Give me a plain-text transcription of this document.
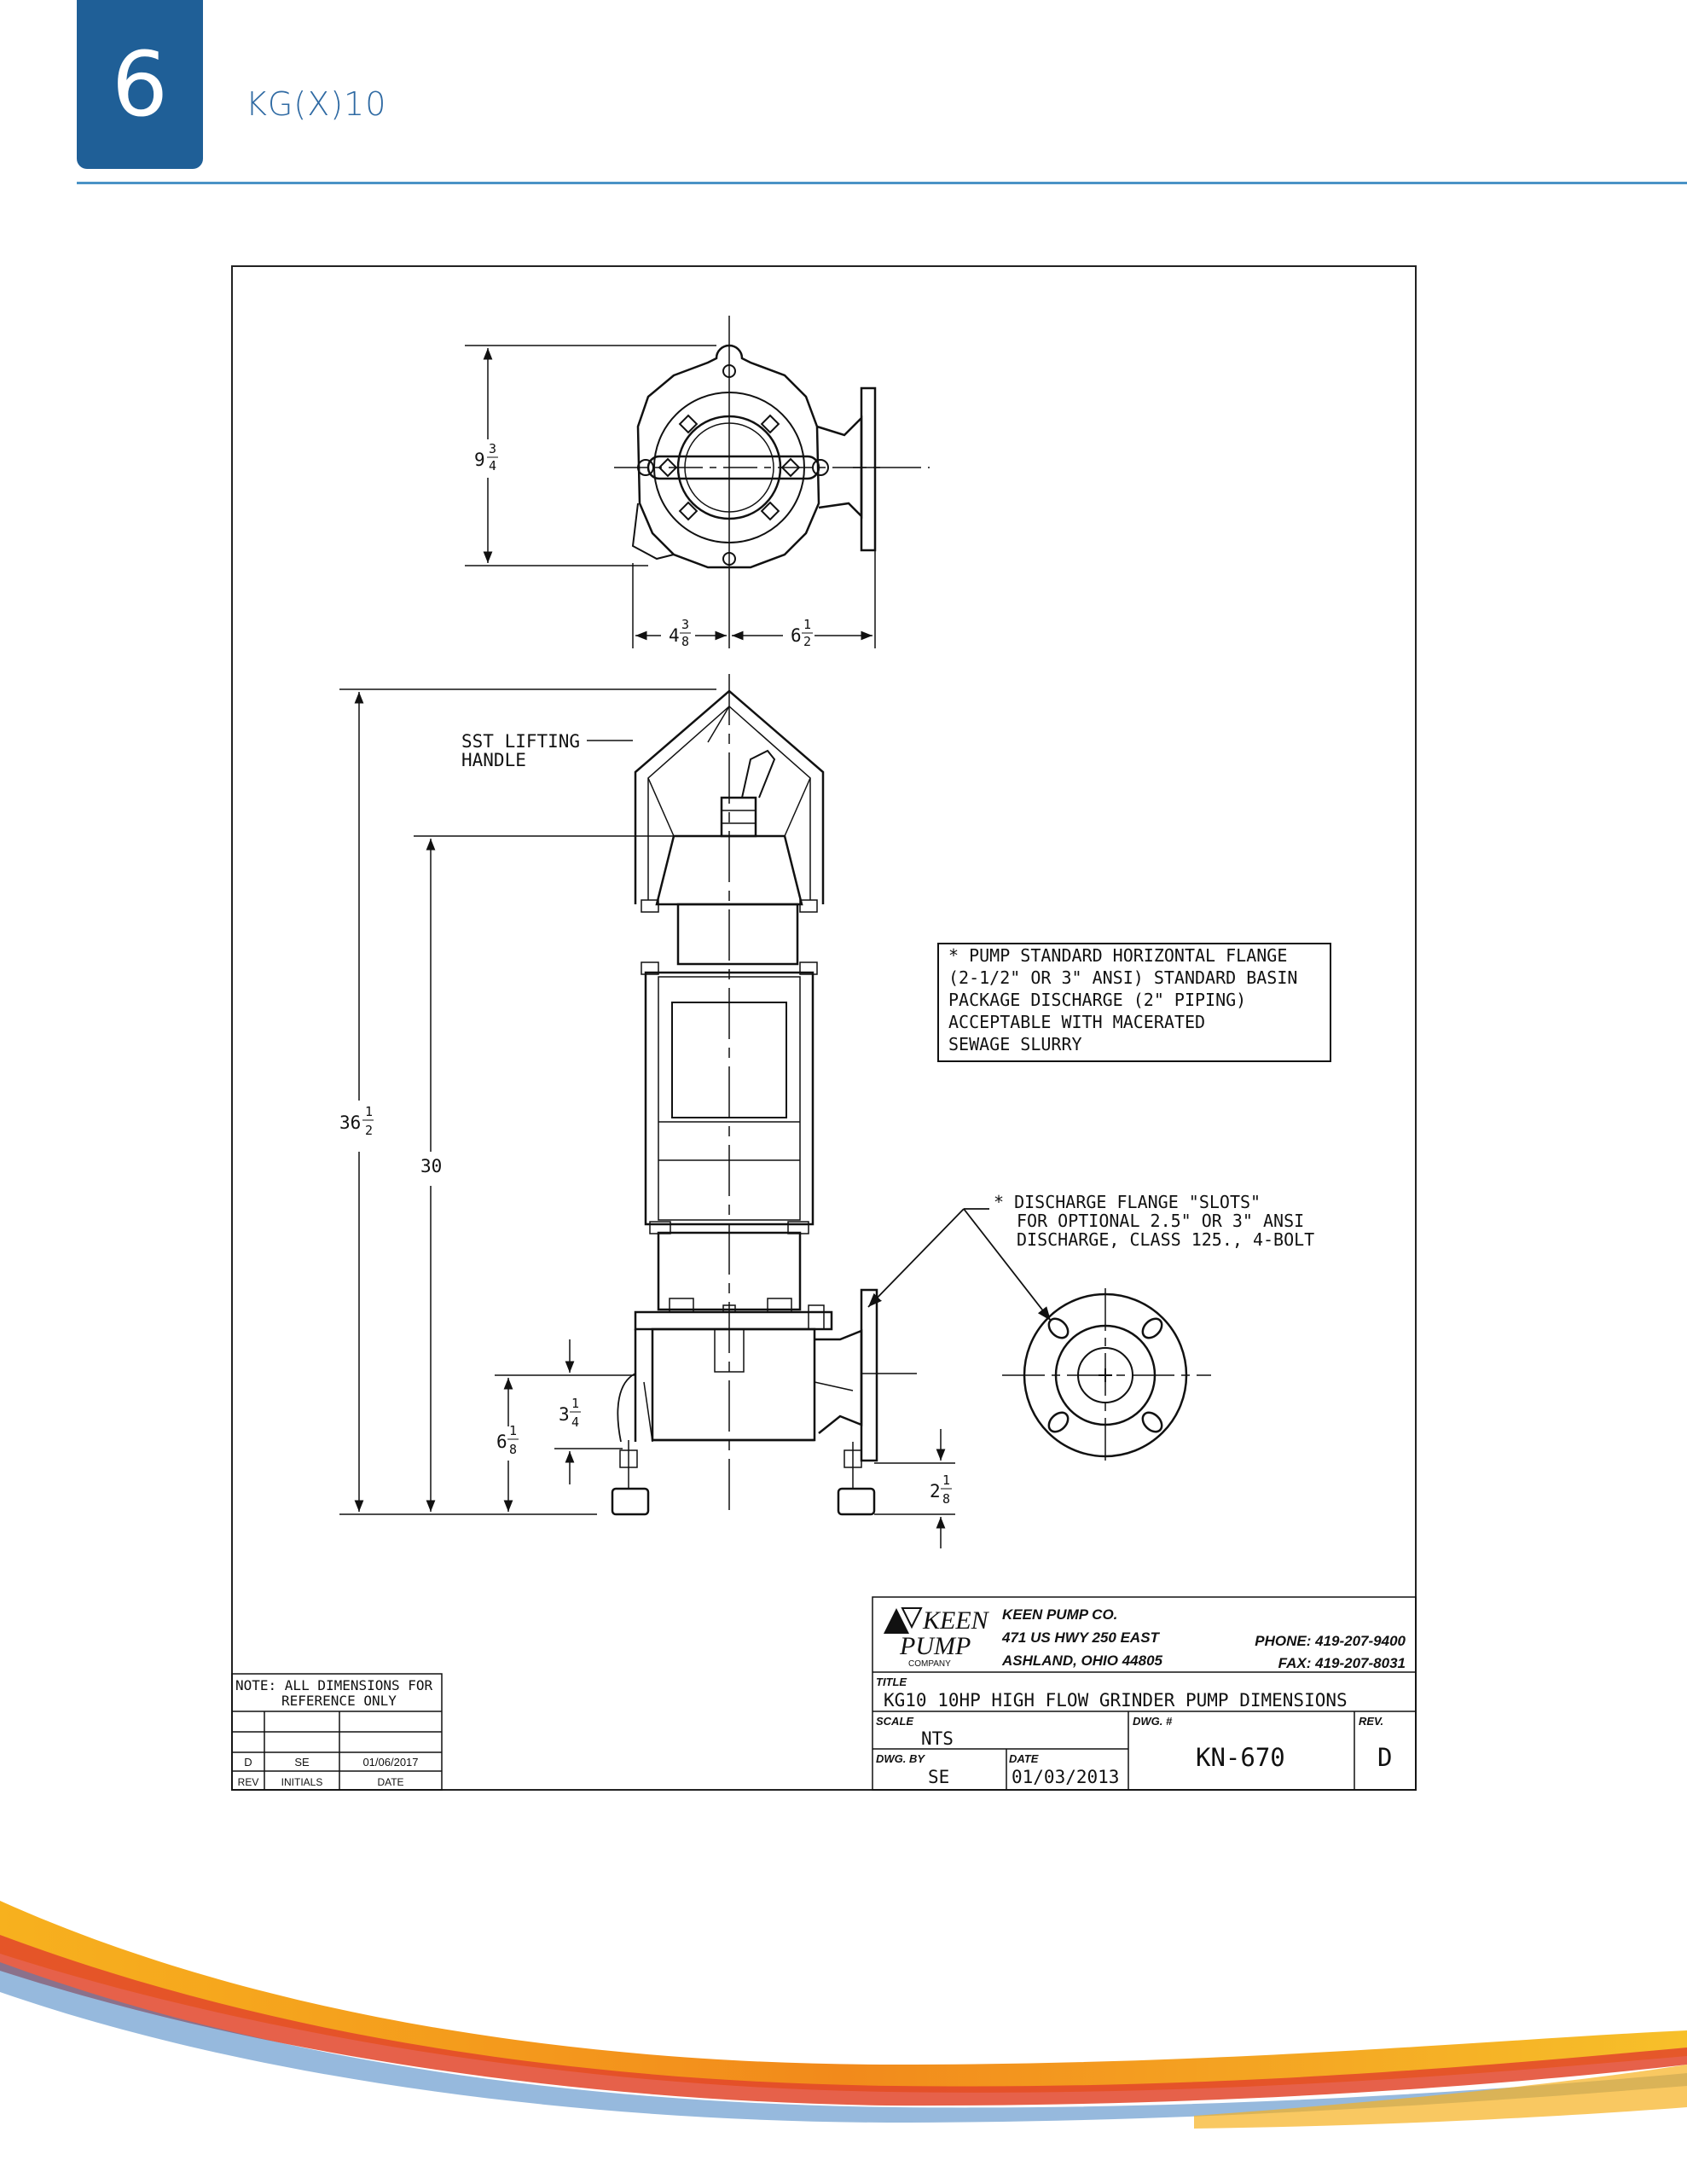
6	KG(X)10
9
3
4
4
3
8	6
1
2
SST LIFTING
HANDLE
36
1
2
30
3
1
4
6
1
8
2
1
8
* PUMP STANDARD HORIZONTAL FLANGE
(2-1/2" OR 3" ANSI) STANDARD BASIN
PACKAGE DISCHARGE (2" PIPING)
ACCEPTABLE WITH MACERATED
SEWAGE SLURRY
* DISCHARGE FLANGE "SLOTS"
FOR OPTIONAL 2.5" OR 3" ANSI
DISCHARGE, CLASS 125., 4-BOLT
NOTE: ALL DIMENSIONS FOR
REFERENCE ONLY
D	SE	01/06/2017
REV INITIALS	DATE
KEEN
PUMP
COMPANY
KEEN PUMP CO.
471 US HWY 250 EAST
ASHLAND, OHIO 44805
PHONE: 419-207-9400
FAX: 419-207-8031
TITLE
KG10 10HP HIGH FLOW GRINDER PUMP DIMENSIONS
SCALE
NTS
DWG. #
KN-670
REV.
D
DWG. BY
SE
DATE
01/03/2013
